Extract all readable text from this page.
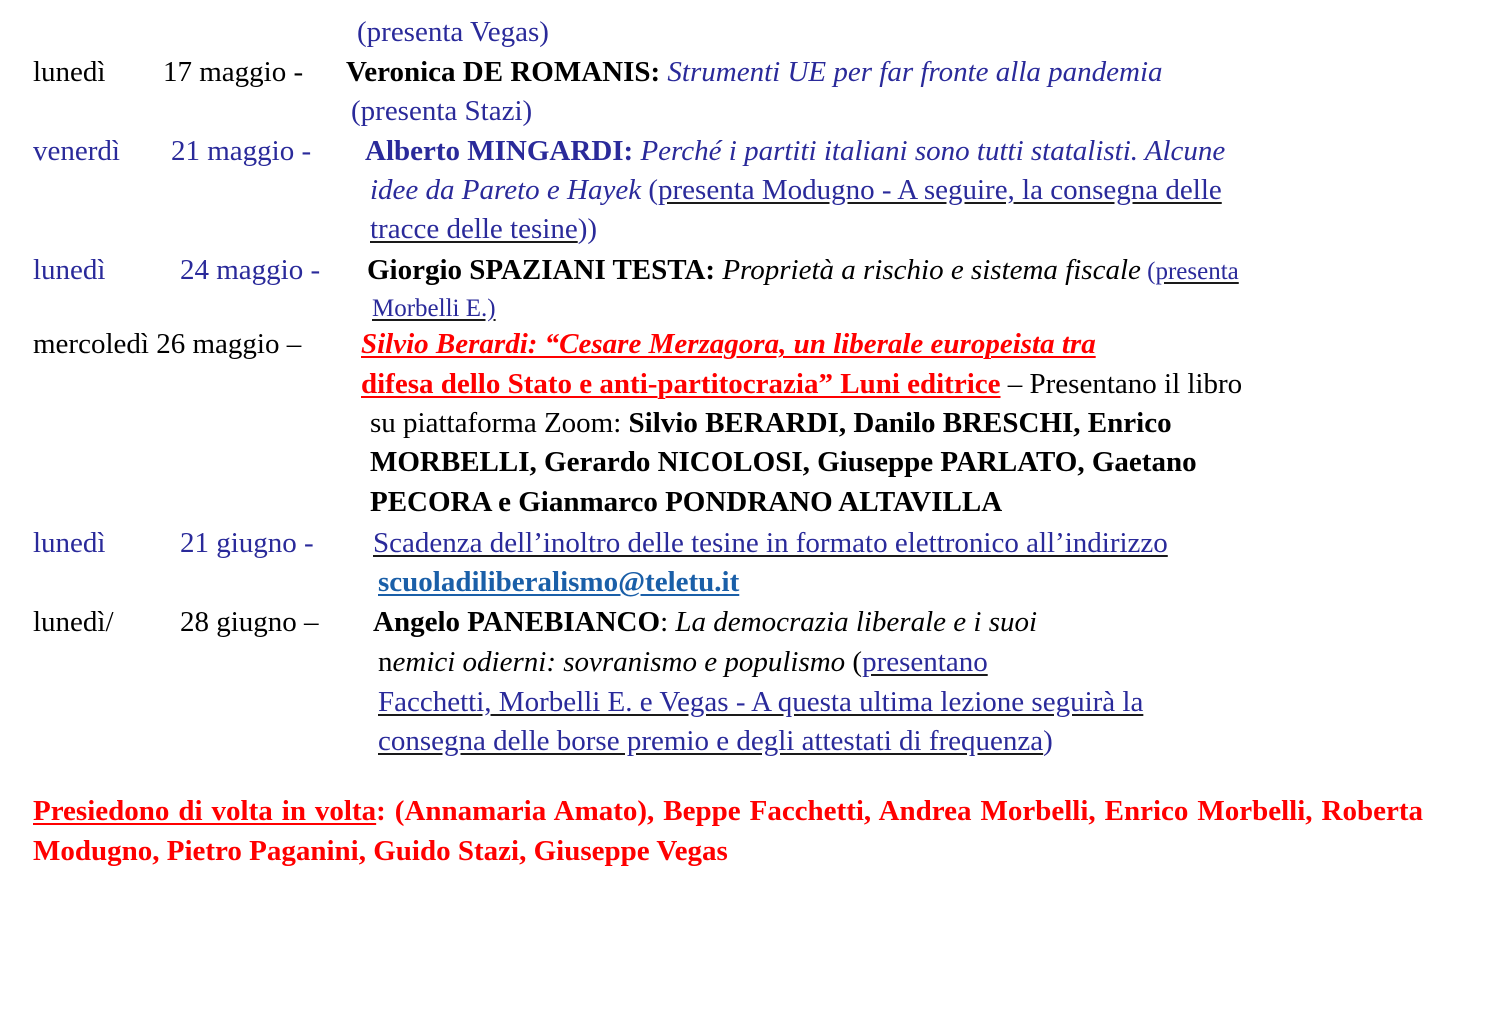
(presenta Vegas)
lunedì 17 maggio - Veronica DE ROMANIS: Strumenti UE per far fronte alla pandemia
(presenta Stazi)
venerdì 21 maggio - Alberto MINGARDI: Perché i partiti italiani sono tutti statalisti. Alcune
idee da Pareto e Hayek (presenta Modugno - A seguire, la consegna delle
tracce delle tesine))
lunedì	24 maggio - Giorgio SPAZIANI TESTA: Proprietà a rischio e sistema fiscale (presenta
Morbelli E.)
mercoledì 26 maggio – Silvio Berardi: “Cesare Merzagora, un liberale europeista tra
difesa dello Stato e anti-partitocrazia” Luni editrice – Presentano il libro
su piattaforma Zoom: Silvio BERARDI, Danilo BRESCHI, Enrico
MORBELLI, Gerardo NICOLOSI, Giuseppe PARLATO, Gaetano
PECORA e Gianmarco PONDRANO ALTAVILLA
lunedì	21 giugno - Scadenza dell’inoltro delle tesine in formato elettronico all’indirizzo
scuoladiliberalismo@teletu.it
lunedì/ 28 giugno – Angelo PANEBIANCO: La democrazia liberale e i suoi
nemici odierni: sovranismo e populismo (presentano
Facchetti, Morbelli E. e Vegas - A questa ultima lezione seguirà la
consegna delle borse premio e degli attestati di frequenza)
Presiedono di volta in volta: (Annamaria Amato), Beppe Facchetti, Andrea Morbelli, Enrico Morbelli, Roberta Modugno, Pietro Paganini, Guido Stazi, Giuseppe Vegas
